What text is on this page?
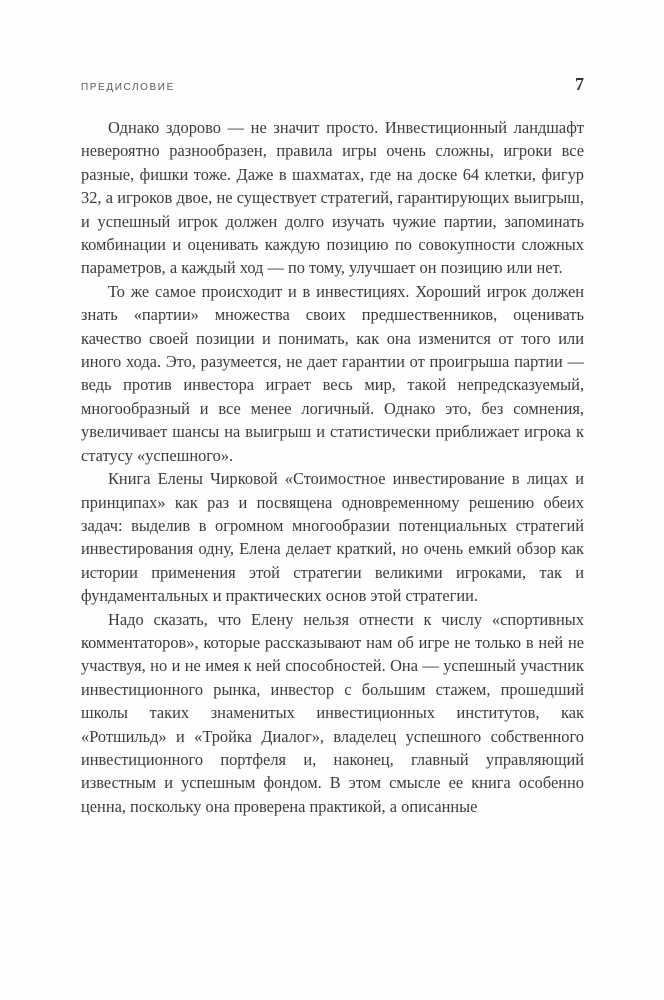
ПРЕДИСЛОВИЕ	7

Однако здорово — не значит просто. Инвестиционный ландшафт невероятно разнообразен, правила игры очень сложны, игроки все разные, фишки тоже. Даже в шахматах, где на доске 64 клетки, фигур 32, а игроков двое, не существует стратегий, гарантирующих выигрыш, и успешный игрок должен долго изучать чужие партии, запоминать комбинации и оценивать каждую позицию по совокупности сложных параметров, а каждый ход — по тому, улучшает он позицию или нет.

То же самое происходит и в инвестициях. Хороший игрок должен знать «партии» множества своих предшественников, оценивать качество своей позиции и понимать, как она изменится от того или иного хода. Это, разумеется, не дает гарантии от проигрыша партии — ведь против инвестора играет весь мир, такой непредсказуемый, многообразный и все менее логичный. Однако это, без сомнения, увеличивает шансы на выигрыш и статистически приближает игрока к статусу «успешного».

Книга Елены Чирковой «Стоимостное инвестирование в лицах и принципах» как раз и посвящена одновременному решению обеих задач: выделив в огромном многообразии потенциальных стратегий инвестирования одну, Елена делает краткий, но очень емкий обзор как истории применения этой стратегии великими игроками, так и фундаментальных и практических основ этой стратегии.

Надо сказать, что Елену нельзя отнести к числу «спортивных комментаторов», которые рассказывают нам об игре не только в ней не участвуя, но и не имея к ней способностей. Она — успешный участник инвестиционного рынка, инвестор с большим стажем, прошедший школы таких знаменитых инвестиционных институтов, как «Ротшильд» и «Тройка Диалог», владелец успешного собственного инвестиционного портфеля и, наконец, главный управляющий известным и успешным фондом. В этом смысле ее книга особенно ценна, поскольку она проверена практикой, а описанные
